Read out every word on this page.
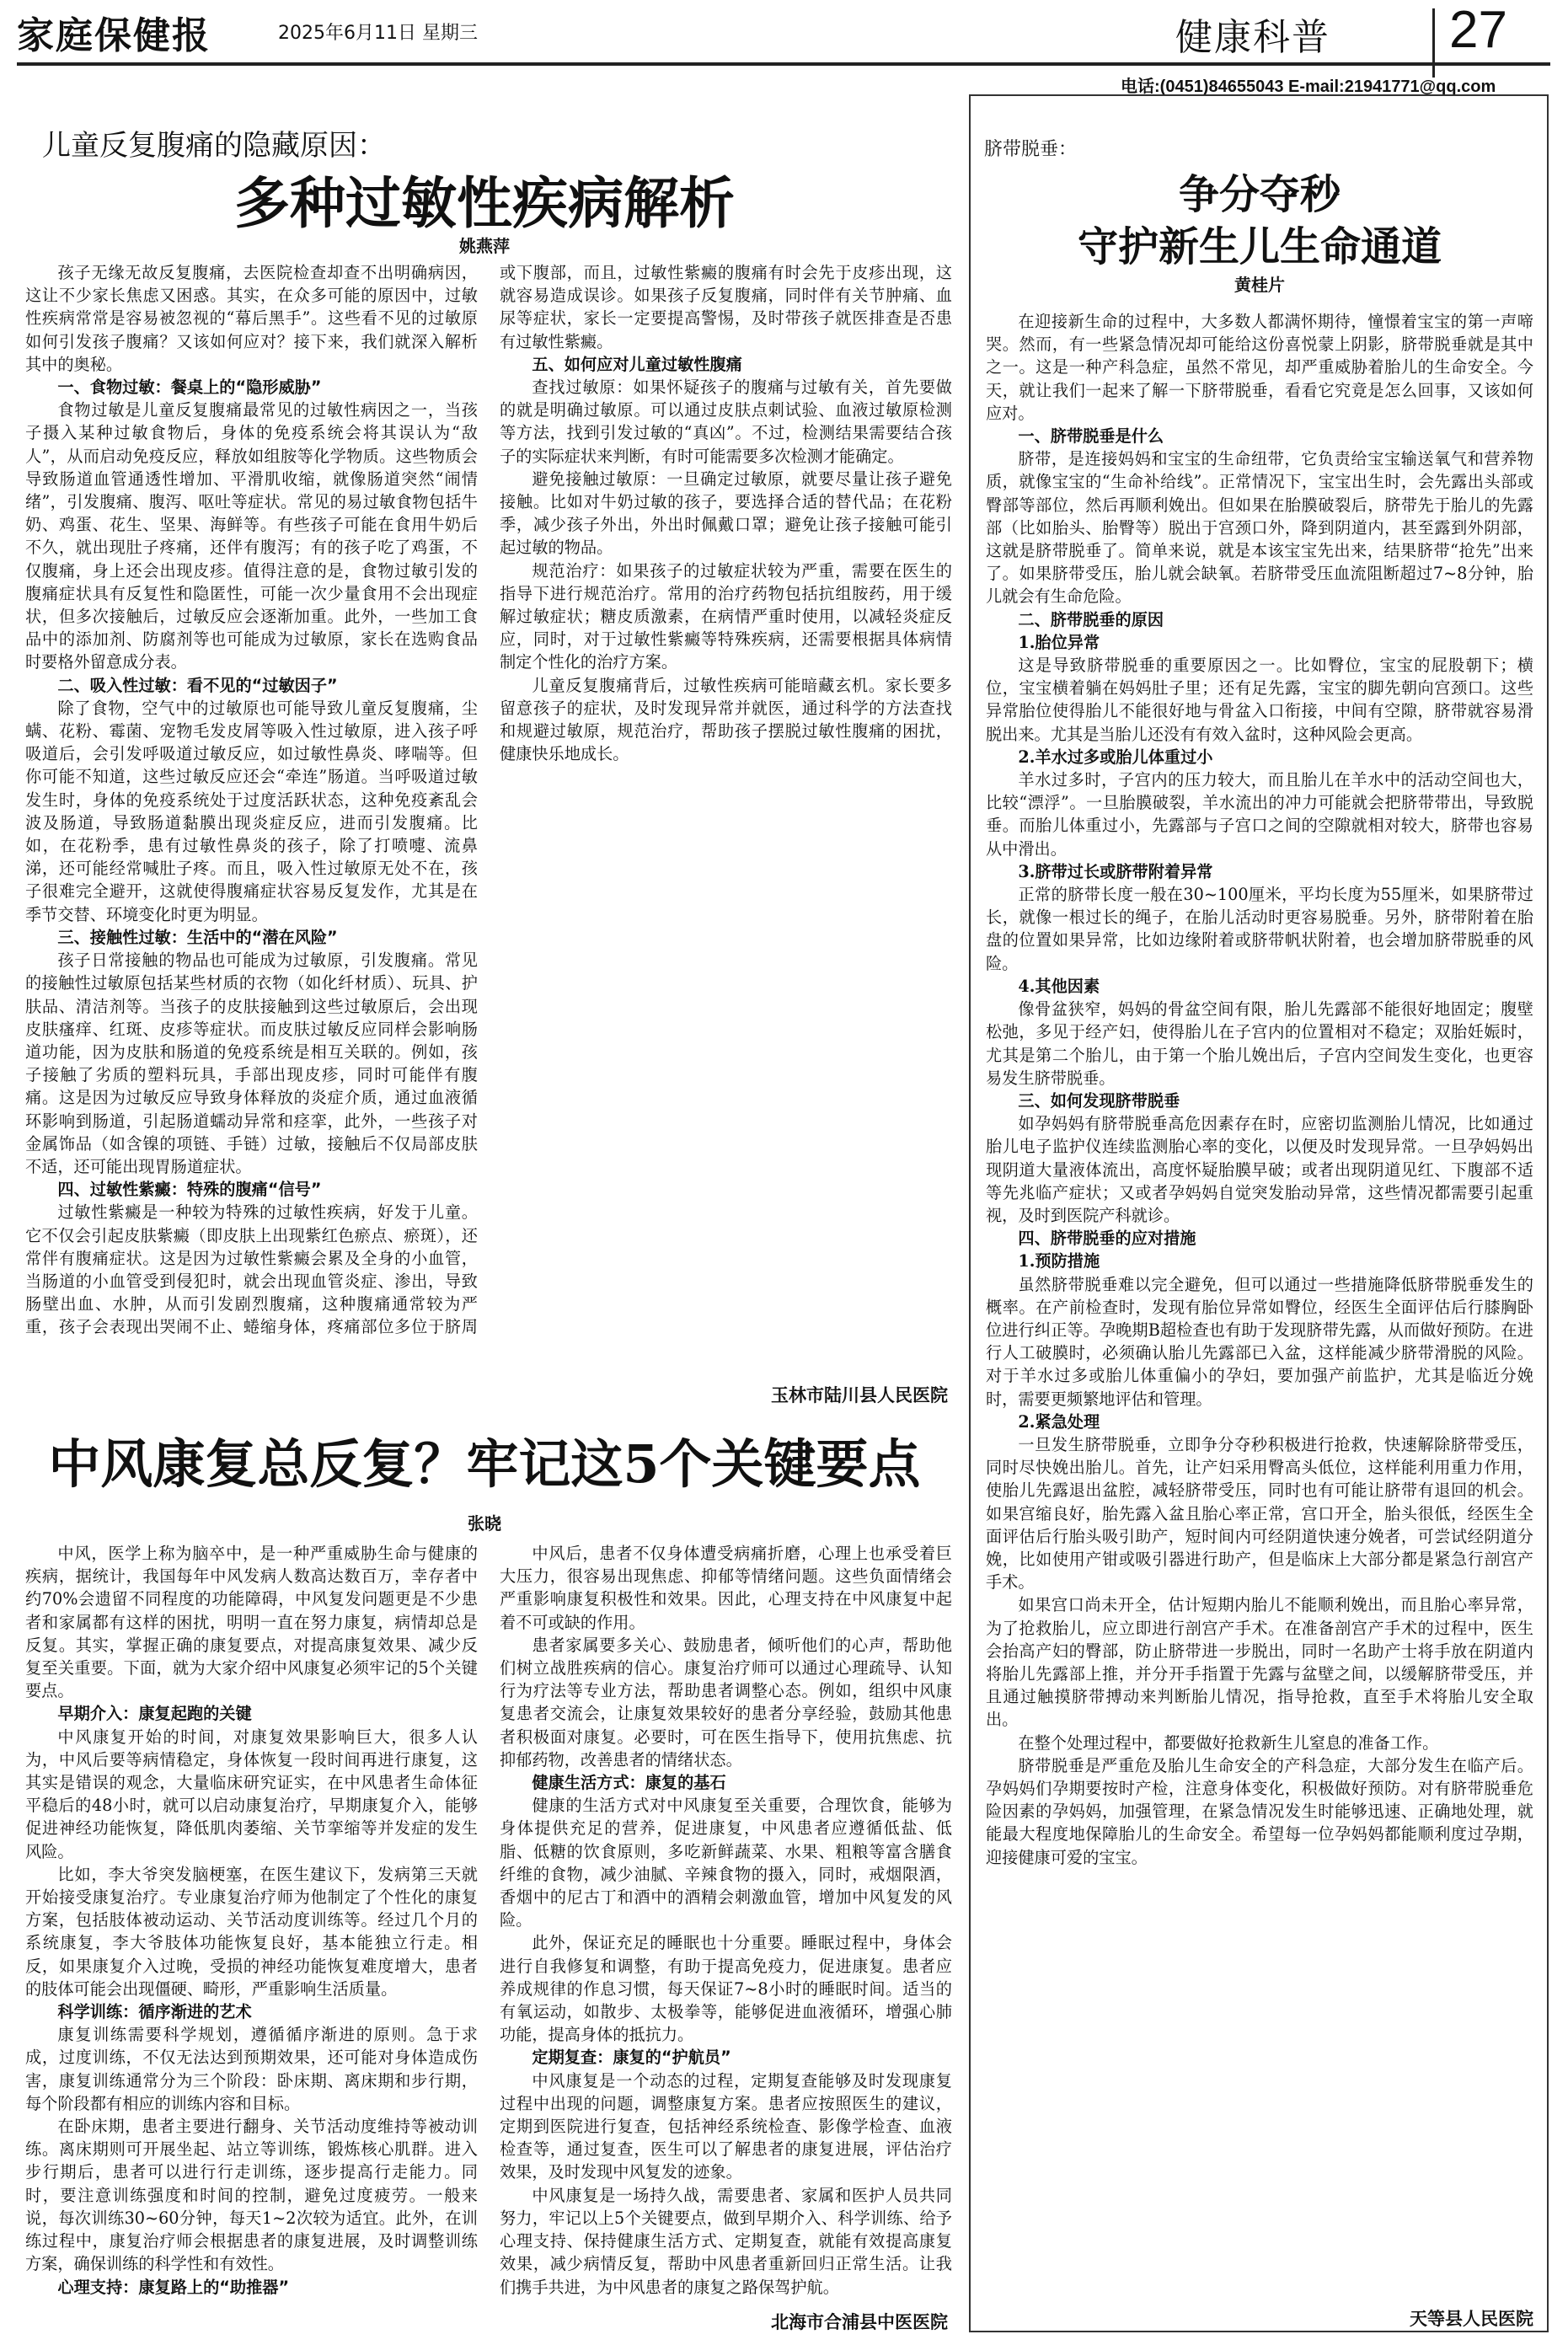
家庭保健报	2025年6月11日 星期三	健康科普 27
电话:(0451)84655043 E-mail:21941771@qq.com
儿童反复腹痛的隐藏原因：
多种过敏性疾病解析
姚燕萍

孩子无缘无故反复腹痛，去医院检查却查不出明确病因，这让不少家长焦虑又困惑。其实，在众多可能的原因中，过敏性疾病常常是容易被忽视的“幕后黑手”。这些看不见的过敏原如何引发孩子腹痛？又该如何应对？接下来，我们就深入解析其中的奥秘。

一、食物过敏：餐桌上的“隐形威胁”

食物过敏是儿童反复腹痛最常见的过敏性病因之一，当孩子摄入某种过敏食物后，身体的免疫系统会将其误认为“敌人”，从而启动免疫反应，释放如组胺等化学物质。这些物质会导致肠道血管通透性增加、平滑肌收缩，就像肠道突然“闹情绪”，引发腹痛、腹泻、呕吐等症状。常见的易过敏食物包括牛奶、鸡蛋、花生、坚果、海鲜等。有些孩子可能在食用牛奶后不久，就出现肚子疼痛，还伴有腹泻；有的孩子吃了鸡蛋，不仅腹痛，身上还会出现皮疹。值得注意的是，食物过敏引发的腹痛症状具有反复性和隐匿性，可能一次少量食用不会出现症状，但多次接触后，过敏反应会逐渐加重。此外，一些加工食品中的添加剂、防腐剂等也可能成为过敏原，家长在选购食品时要格外留意成分表。

二、吸入性过敏：看不见的“过敏因子”

除了食物，空气中的过敏原也可能导致儿童反复腹痛，尘螨、花粉、霉菌、宠物毛发皮屑等吸入性过敏原，进入孩子呼吸道后，会引发呼吸道过敏反应，如过敏性鼻炎、哮喘等。但你可能不知道，这些过敏反应还会“牵连”肠道。当呼吸道过敏发生时，身体的免疫系统处于过度活跃状态，这种免疫紊乱会波及肠道，导致肠道黏膜出现炎症反应，进而引发腹痛。比如，在花粉季，患有过敏性鼻炎的孩子，除了打喷嚏、流鼻涕，还可能经常喊肚子疼。而且，吸入性过敏原无处不在，孩子很难完全避开，这就使得腹痛症状容易反复发作，尤其是在季节交替、环境变化时更为明显。

三、接触性过敏：生活中的“潜在风险”

孩子日常接触的物品也可能成为过敏原，引发腹痛。常见的接触性过敏原包括某些材质的衣物（如化纤材质）、玩具、护肤品、清洁剂等。当孩子的皮肤接触到这些过敏原后，会出现皮肤瘙痒、红斑、皮疹等症状。而皮肤过敏反应同样会影响肠道功能，因为皮肤和肠道的免疫系统是相互关联的。例如，孩子接触了劣质的塑料玩具，手部出现皮疹，同时可能伴有腹痛。这是因为过敏反应导致身体释放的炎症介质，通过血液循环影响到肠道，引起肠道蠕动异常和痉挛，此外，一些孩子对金属饰品（如含镍的项链、手链）过敏，接触后不仅局部皮肤不适，还可能出现胃肠道症状。

四、过敏性紫癜：特殊的腹痛“信号”

过敏性紫癜是一种较为特殊的过敏性疾病，好发于儿童。它不仅会引起皮肤紫癜（即皮肤上出现紫红色瘀点、瘀斑），还常伴有腹痛症状。这是因为过敏性紫癜会累及全身的小血管，当肠道的小血管受到侵犯时，就会出现血管炎症、渗出，导致肠壁出血、水肿，从而引发剧烈腹痛，这种腹痛通常较为严重，孩子会表现出哭闹不止、蜷缩身体，疼痛部位多位于脐周或下腹部，而且，过敏性紫癜的腹痛有时会先于皮疹出现，这就容易造成误诊。如果孩子反复腹痛，同时伴有关节肿痛、血尿等症状，家长一定要提高警惕，及时带孩子就医排查是否患有过敏性紫癜。

五、如何应对儿童过敏性腹痛

查找过敏原：如果怀疑孩子的腹痛与过敏有关，首先要做的就是明确过敏原。可以通过皮肤点刺试验、血液过敏原检测等方法，找到引发过敏的“真凶”。不过，检测结果需要结合孩子的实际症状来判断，有时可能需要多次检测才能确定。

避免接触过敏原：一旦确定过敏原，就要尽量让孩子避免接触。比如对牛奶过敏的孩子，要选择合适的替代品；在花粉季，减少孩子外出，外出时佩戴口罩；避免让孩子接触可能引起过敏的物品。

规范治疗：如果孩子的过敏症状较为严重，需要在医生的指导下进行规范治疗。常用的治疗药物包括抗组胺药，用于缓解过敏症状；糖皮质激素，在病情严重时使用，以减轻炎症反应，同时，对于过敏性紫癜等特殊疾病，还需要根据具体病情制定个性化的治疗方案。

儿童反复腹痛背后，过敏性疾病可能暗藏玄机。家长要多留意孩子的症状，及时发现异常并就医，通过科学的方法查找和规避过敏原，规范治疗，帮助孩子摆脱过敏性腹痛的困扰，健康快乐地成长。

玉林市陆川县人民医院
中风康复总反复？牢记这5个关键要点
张晓

中风，医学上称为脑卒中，是一种严重威胁生命与健康的疾病，据统计，我国每年中风发病人数高达数百万，幸存者中约70%会遗留不同程度的功能障碍，中风复发问题更是不少患者和家属都有这样的困扰，明明一直在努力康复，病情却总是反复。其实，掌握正确的康复要点，对提高康复效果、减少反复至关重要。下面，就为大家介绍中风康复必须牢记的5个关键要点。

早期介入：康复起跑的关键

中风康复开始的时间，对康复效果影响巨大，很多人认为，中风后要等病情稳定，身体恢复一段时间再进行康复，这其实是错误的观念，大量临床研究证实，在中风患者生命体征平稳后的48小时，就可以启动康复治疗，早期康复介入，能够促进神经功能恢复，降低肌肉萎缩、关节挛缩等并发症的发生风险。

比如，李大爷突发脑梗塞，在医生建议下，发病第三天就开始接受康复治疗。专业康复治疗师为他制定了个性化的康复方案，包括肢体被动运动、关节活动度训练等。经过几个月的系统康复，李大爷肢体功能恢复良好，基本能独立行走。相反，如果康复介入过晚，受损的神经功能恢复难度增大，患者的肢体可能会出现僵硬、畸形，严重影响生活质量。

科学训练：循序渐进的艺术

康复训练需要科学规划，遵循循序渐进的原则。急于求成，过度训练，不仅无法达到预期效果，还可能对身体造成伤害，康复训练通常分为三个阶段：卧床期、离床期和步行期，每个阶段都有相应的训练内容和目标。

在卧床期，患者主要进行翻身、关节活动度维持等被动训练。离床期则可开展坐起、站立等训练，锻炼核心肌群。进入步行期后，患者可以进行行走训练，逐步提高行走能力。同时，要注意训练强度和时间的控制，避免过度疲劳。一般来说，每次训练30~60分钟，每天1~2次较为适宜。此外，在训练过程中，康复治疗师会根据患者的康复进展，及时调整训练方案，确保训练的科学性和有效性。

心理支持：康复路上的“助推器”

中风后，患者不仅身体遭受病痛折磨，心理上也承受着巨大压力，很容易出现焦虑、抑郁等情绪问题。这些负面情绪会严重影响康复积极性和效果。因此，心理支持在中风康复中起着不可或缺的作用。

患者家属要多关心、鼓励患者，倾听他们的心声，帮助他们树立战胜疾病的信心。康复治疗师可以通过心理疏导、认知行为疗法等专业方法，帮助患者调整心态。例如，组织中风康复患者交流会，让康复效果较好的患者分享经验，鼓励其他患者积极面对康复。必要时，可在医生指导下，使用抗焦虑、抗抑郁药物，改善患者的情绪状态。

健康生活方式：康复的基石

健康的生活方式对中风康复至关重要，合理饮食，能够为身体提供充足的营养，促进康复，中风患者应遵循低盐、低脂、低糖的饮食原则，多吃新鲜蔬菜、水果、粗粮等富含膳食纤维的食物，减少油腻、辛辣食物的摄入，同时，戒烟限酒，香烟中的尼古丁和酒中的酒精会刺激血管，增加中风复发的风险。

此外，保证充足的睡眠也十分重要。睡眠过程中，身体会进行自我修复和调整，有助于提高免疫力，促进康复。患者应养成规律的作息习惯，每天保证7~8小时的睡眠时间。适当的有氧运动，如散步、太极拳等，能够促进血液循环，增强心肺功能，提高身体的抵抗力。

定期复查：康复的“护航员”

中风康复是一个动态的过程，定期复查能够及时发现康复过程中出现的问题，调整康复方案。患者应按照医生的建议，定期到医院进行复查，包括神经系统检查、影像学检查、血液检查等，通过复查，医生可以了解患者的康复进展，评估治疗效果，及时发现中风复发的迹象。

中风康复是一场持久战，需要患者、家属和医护人员共同努力，牢记以上5个关键要点，做到早期介入、科学训练、给予心理支持、保持健康生活方式、定期复查，就能有效提高康复效果，减少病情反复，帮助中风患者重新回归正常生活。让我们携手共进，为中风患者的康复之路保驾护航。

北海市合浦县中医医院
脐带脱垂：
争分夺秒
守护新生儿生命通道
黄桂片

在迎接新生命的过程中，大多数人都满怀期待，憧憬着宝宝的第一声啼哭。然而，有一些紧急情况却可能给这份喜悦蒙上阴影，脐带脱垂就是其中之一。这是一种产科急症，虽然不常见，却严重威胁着胎儿的生命安全。今天，就让我们一起来了解一下脐带脱垂，看看它究竟是怎么回事，又该如何应对。

一、脐带脱垂是什么

脐带，是连接妈妈和宝宝的生命纽带，它负责给宝宝输送氧气和营养物质，就像宝宝的“生命补给线”。正常情况下，宝宝出生时，会先露出头部或臀部等部位，然后再顺利娩出。但如果在胎膜破裂后，脐带先于胎儿的先露部（比如胎头、胎臀等）脱出于宫颈口外，降到阴道内，甚至露到外阴部，这就是脐带脱垂了。简单来说，就是本该宝宝先出来，结果脐带“抢先”出来了。如果脐带受压，胎儿就会缺氧。若脐带受压血流阻断超过7~8分钟，胎儿就会有生命危险。

二、脐带脱垂的原因

1.胎位异常

这是导致脐带脱垂的重要原因之一。比如臀位，宝宝的屁股朝下；横位，宝宝横着躺在妈妈肚子里；还有足先露，宝宝的脚先朝向宫颈口。这些异常胎位使得胎儿不能很好地与骨盆入口衔接，中间有空隙，脐带就容易滑脱出来。尤其是当胎儿还没有有效入盆时，这种风险会更高。

2.羊水过多或胎儿体重过小

羊水过多时，子宫内的压力较大，而且胎儿在羊水中的活动空间也大，比较“漂浮”。一旦胎膜破裂，羊水流出的冲力可能就会把脐带带出，导致脱垂。而胎儿体重过小，先露部与子宫口之间的空隙就相对较大，脐带也容易从中滑出。

3.脐带过长或脐带附着异常

正常的脐带长度一般在30~100厘米，平均长度为55厘米，如果脐带过长，就像一根过长的绳子，在胎儿活动时更容易脱垂。另外，脐带附着在胎盘的位置如果异常，比如边缘附着或脐带帆状附着，也会增加脐带脱垂的风险。

4.其他因素

像骨盆狭窄，妈妈的骨盆空间有限，胎儿先露部不能很好地固定；腹壁松弛，多见于经产妇，使得胎儿在子宫内的位置相对不稳定；双胎妊娠时，尤其是第二个胎儿，由于第一个胎儿娩出后，子宫内空间发生变化，也更容易发生脐带脱垂。

三、如何发现脐带脱垂

如孕妈妈有脐带脱垂高危因素存在时，应密切监测胎儿情况，比如通过胎儿电子监护仪连续监测胎心率的变化，以便及时发现异常。一旦孕妈妈出现阴道大量液体流出，高度怀疑胎膜早破；或者出现阴道见红、下腹部不适等先兆临产症状；又或者孕妈妈自觉突发胎动异常，这些情况都需要引起重视，及时到医院产科就诊。

四、脐带脱垂的应对措施

1.预防措施

虽然脐带脱垂难以完全避免，但可以通过一些措施降低脐带脱垂发生的概率。在产前检查时，发现有胎位异常如臀位，经医生全面评估后行膝胸卧位进行纠正等。孕晚期B超检查也有助于发现脐带先露，从而做好预防。在进行人工破膜时，必须确认胎儿先露部已入盆，这样能减少脐带滑脱的风险。对于羊水过多或胎儿体重偏小的孕妇，要加强产前监护，尤其是临近分娩时，需要更频繁地评估和管理。

2.紧急处理

一旦发生脐带脱垂，立即争分夺秒积极进行抢救，快速解除脐带受压，同时尽快娩出胎儿。首先，让产妇采用臀高头低位，这样能利用重力作用，使胎儿先露退出盆腔，减轻脐带受压，同时也有可能让脐带有退回的机会。如果宫缩良好，胎先露入盆且胎心率正常，宫口开全，胎头很低，经医生全面评估后行胎头吸引助产，短时间内可经阴道快速分娩者，可尝试经阴道分娩，比如使用产钳或吸引器进行助产，但是临床上大部分都是紧急行剖宫产手术。

如果宫口尚未开全，估计短期内胎儿不能顺利娩出，而且胎心率异常，为了抢救胎儿，应立即进行剖宫产手术。在准备剖宫产手术的过程中，医生会抬高产妇的臀部，防止脐带进一步脱出，同时一名助产士将手放在阴道内将胎儿先露部上推，并分开手指置于先露与盆壁之间，以缓解脐带受压，并且通过触摸脐带搏动来判断胎儿情况，指导抢救，直至手术将胎儿安全取出。

在整个处理过程中，都要做好抢救新生儿窒息的准备工作。

脐带脱垂是严重危及胎儿生命安全的产科急症，大部分发生在临产后。孕妈妈们孕期要按时产检，注意身体变化，积极做好预防。对有脐带脱垂危险因素的孕妈妈，加强管理，在紧急情况发生时能够迅速、正确地处理，就能最大程度地保障胎儿的生命安全。希望每一位孕妈妈都能顺利度过孕期，迎接健康可爱的宝宝。

天等县人民医院
